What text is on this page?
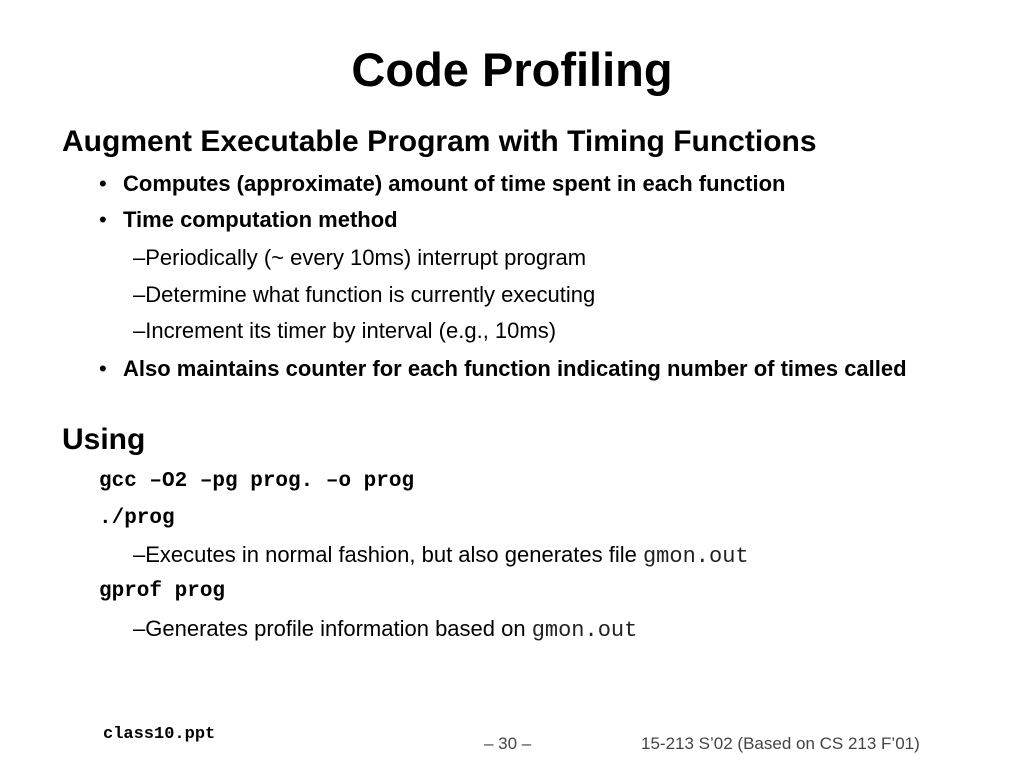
Code Profiling
Augment Executable Program with Timing Functions
• Computes (approximate) amount of time spent in each function
• Time computation method
–Periodically (~ every 10ms) interrupt program
–Determine what function is currently executing
–Increment its timer by interval (e.g., 10ms)
• Also maintains counter for each function indicating number of times called
Using
gcc –O2 –pg prog. –o prog
./prog
–Executes in normal fashion, but also generates file gmon.out
gprof prog
–Generates profile information based on gmon.out
class10.ppt	– 30 –	15-213 S’02 (Based on CS 213 F’01)
